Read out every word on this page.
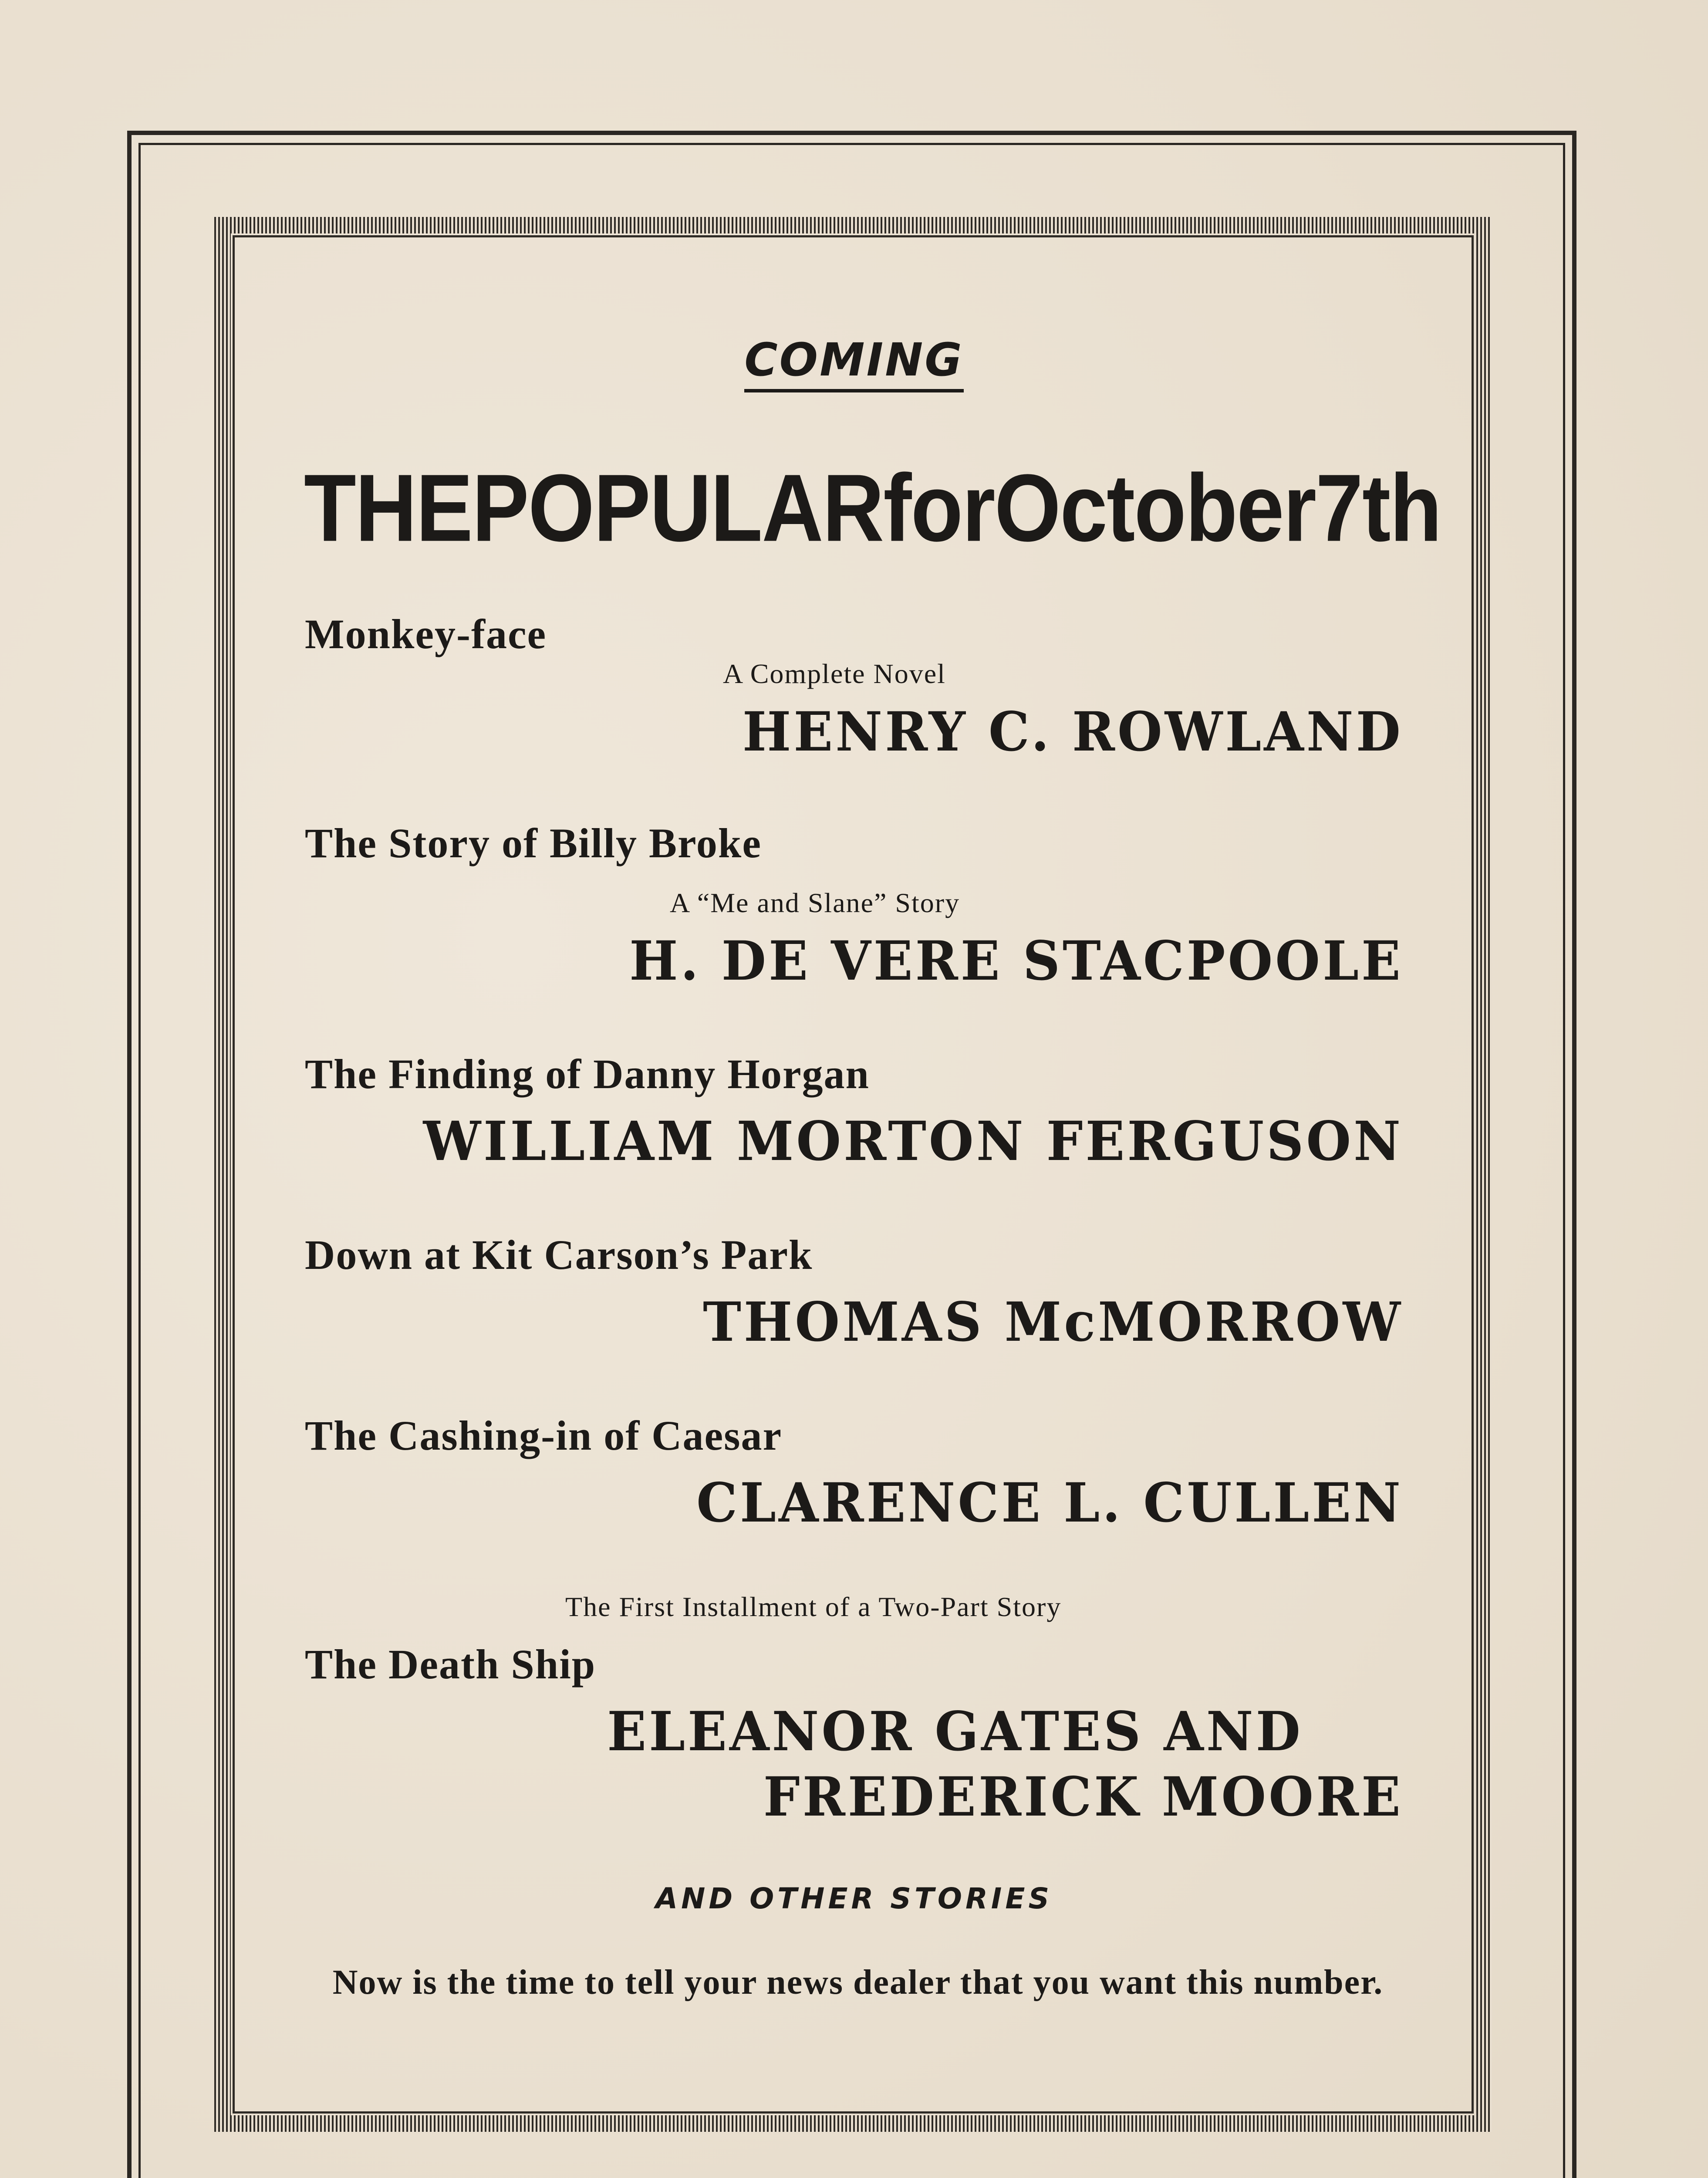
COMING
THE POPULAR for October 7th
Monkey-face
A Complete Novel
HENRY C. ROWLAND
The Story of Billy Broke
A “Me and Slane” Story
H. DE VERE STACPOOLE
The Finding of Danny Horgan
WILLIAM MORTON FERGUSON
Down at Kit Carson’s Park
THOMAS McMORROW
The Cashing-in of Caesar
CLARENCE L. CULLEN
The First Installment of a Two-Part Story
The Death Ship
ELEANOR GATES AND
FREDERICK MOORE
AND OTHER STORIES
Now is the time to tell your news dealer that you want this number.
